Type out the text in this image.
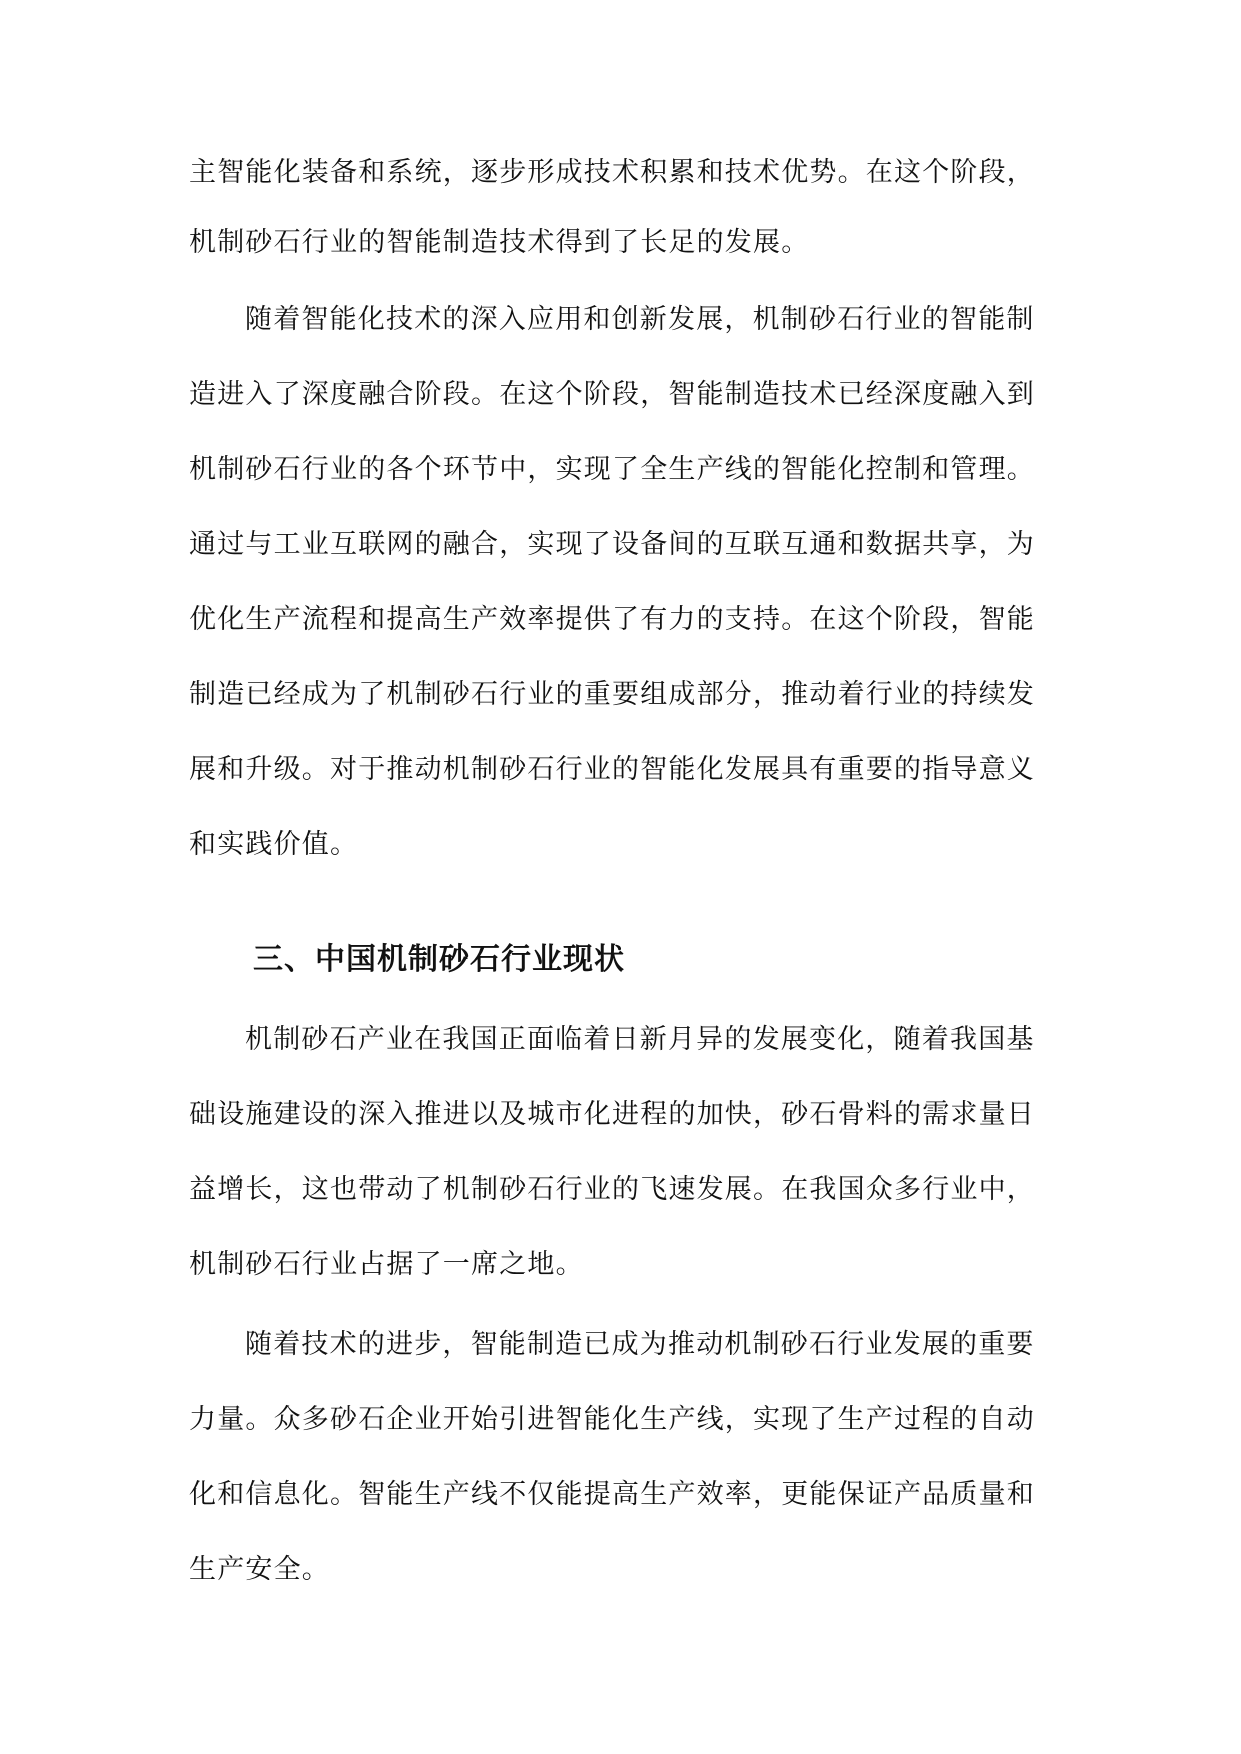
主智能化装备和系统，逐步形成技术积累和技术优势。在这个阶段，
机制砂石行业的智能制造技术得到了长足的发展。
随着智能化技术的深入应用和创新发展，机制砂石行业的智能制
造进入了深度融合阶段。在这个阶段，智能制造技术已经深度融入到
机制砂石行业的各个环节中，实现了全生产线的智能化控制和管理。
通过与工业互联网的融合，实现了设备间的互联互通和数据共享，为
优化生产流程和提高生产效率提供了有力的支持。在这个阶段，智能
制造已经成为了机制砂石行业的重要组成部分，推动着行业的持续发
展和升级。对于推动机制砂石行业的智能化发展具有重要的指导意义
和实践价值。
三、中国机制砂石行业现状
机制砂石产业在我国正面临着日新月异的发展变化，随着我国基
础设施建设的深入推进以及城市化进程的加快，砂石骨料的需求量日
益增长，这也带动了机制砂石行业的飞速发展。在我国众多行业中，
机制砂石行业占据了一席之地。
随着技术的进步，智能制造已成为推动机制砂石行业发展的重要
力量。众多砂石企业开始引进智能化生产线，实现了生产过程的自动
化和信息化。智能生产线不仅能提高生产效率，更能保证产品质量和
生产安全。
